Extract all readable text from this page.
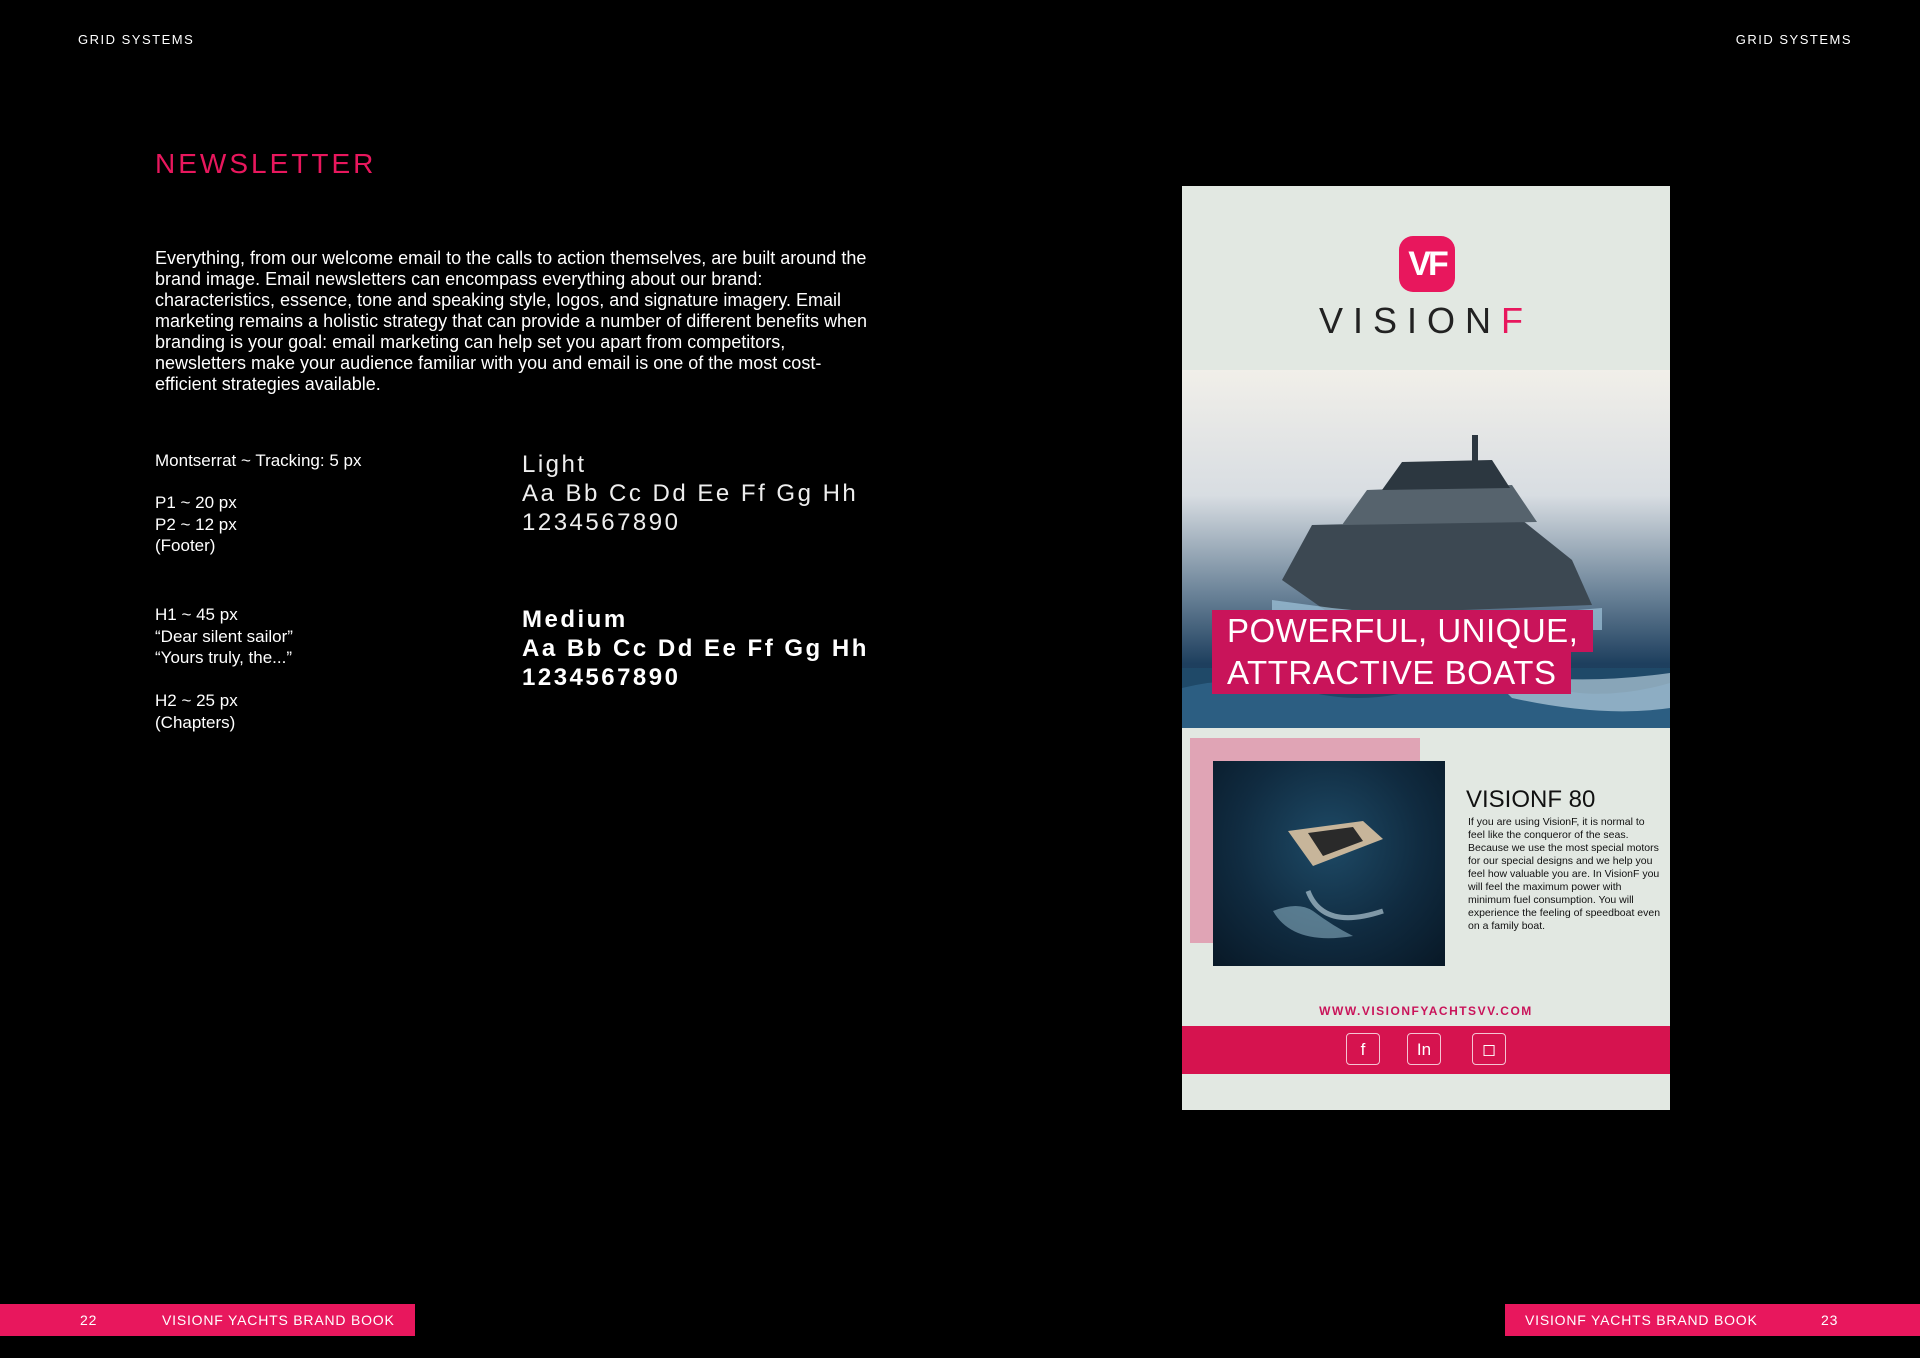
GRID SYSTEMS	GRID SYSTEMS
NEWSLETTER
Everything, from our welcome email to the calls to action themselves, are built around the brand image. Email newsletters can encompass everything about our brand: characteristics, essence, tone and speaking style, logos, and signature imagery. Email marketing remains a holistic strategy that can provide a number of different benefits when branding is your goal: email marketing can help set you apart from competitors, newsletters make your audience familiar with you and email is one of the most cost-efficient strategies available.
Montserrat ~ Tracking: 5 px
P1 ~ 20 px
P2 ~ 12 px
(Footer)
H1 ~ 45 px
“Dear silent sailor”
“Yours truly, the...”
H2 ~ 25 px
(Chapters)
Light
Aa Bb Cc Dd Ee Ff Gg Hh
1234567890
Medium
Aa Bb Cc Dd Ee Ff Gg Hh
1234567890
VF
VISIONF
POWERFUL, UNIQUE,
ATTRACTIVE BOATS
VISIONF 80
If you are using VisionF, it is normal to feel like the conqueror of the seas. Because we use the most special motors for our special designs and we help you feel how valuable you are. In VisionF you will feel the maximum power with minimum fuel consumption. You will experience the feeling of speedboat even on a family boat.
WWW.VISIONFYACHTSVV.COM
f	In	◻
22	VISIONF YACHTS BRAND BOOK	VISIONF YACHTS BRAND BOOK	23
